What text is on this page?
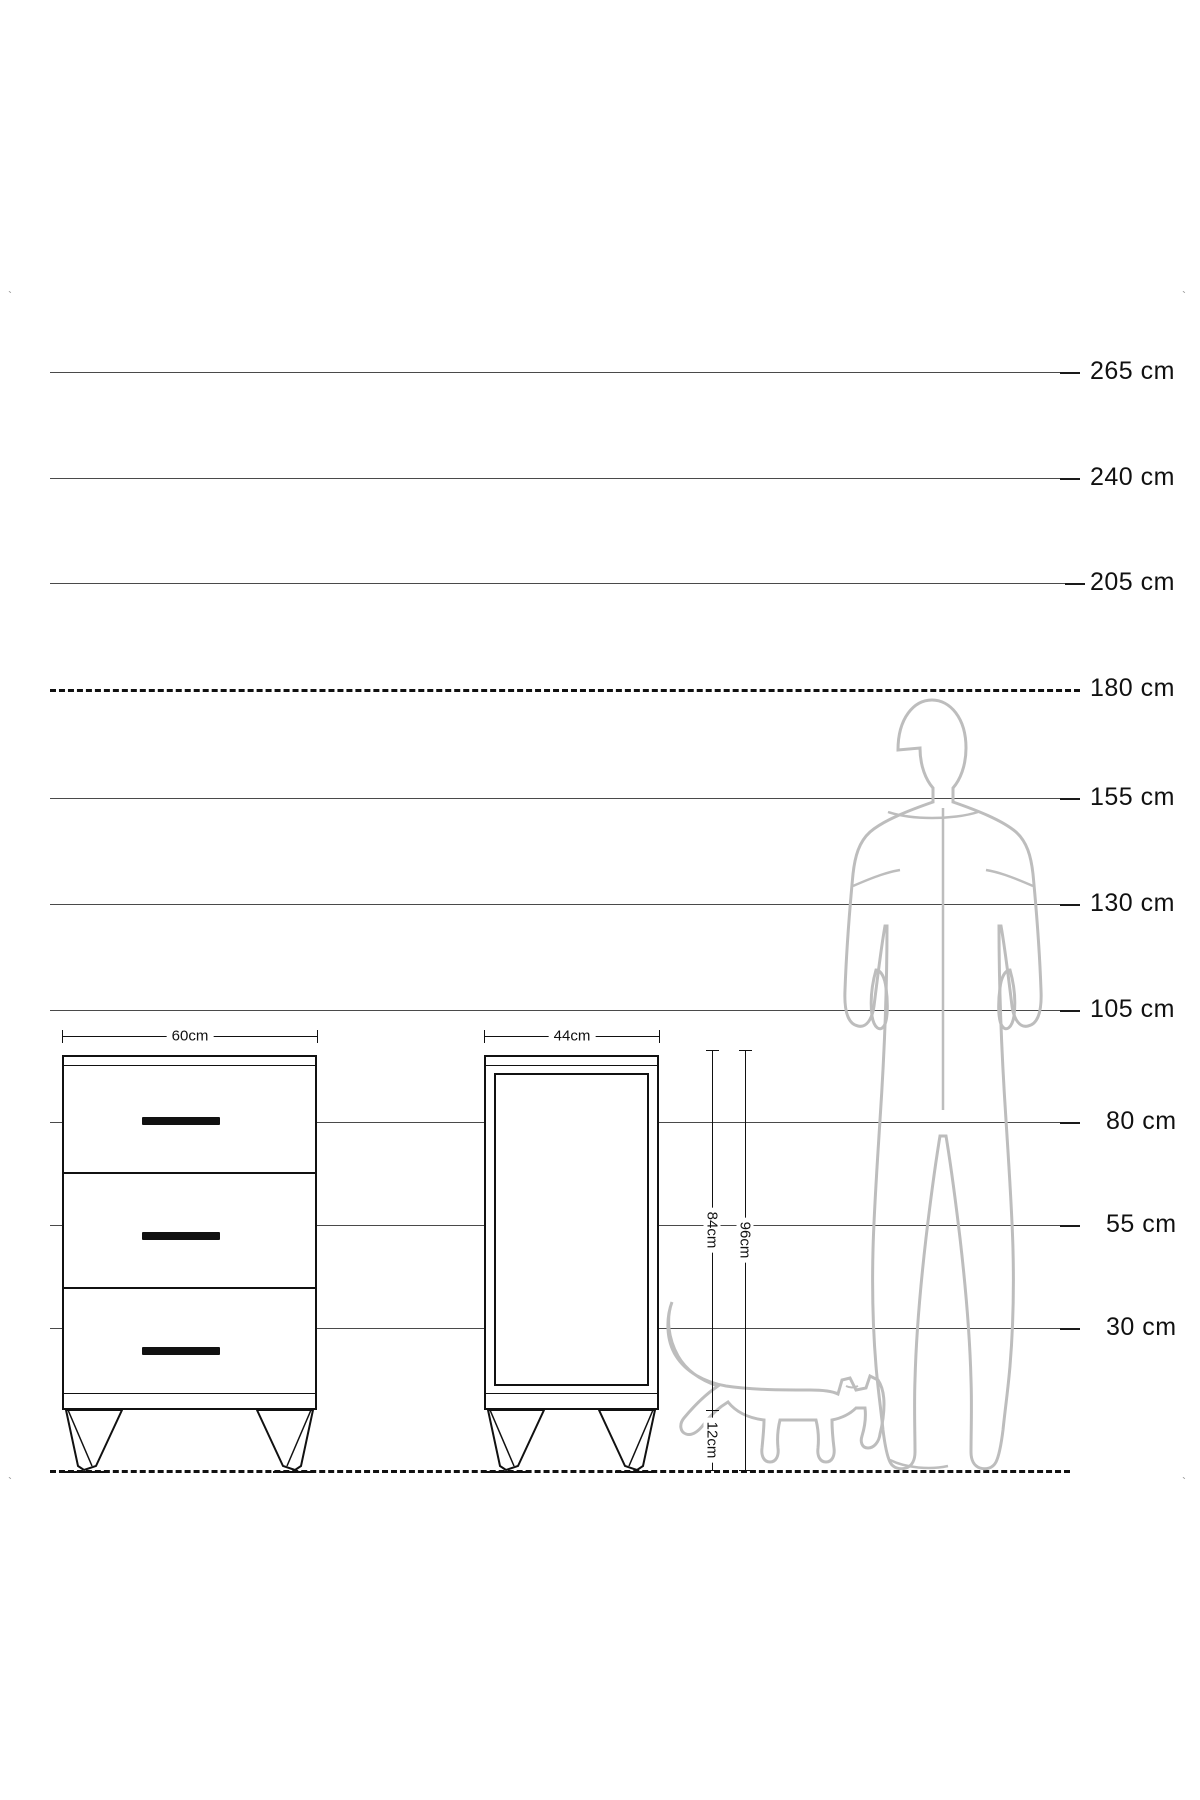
`	`
`	`
265 cm
240 cm
205 cm
180 cm
155 cm
130 cm
105 cm
80 cm
55 cm
30 cm
60cm	44cm
84cm 96cm
12cm
